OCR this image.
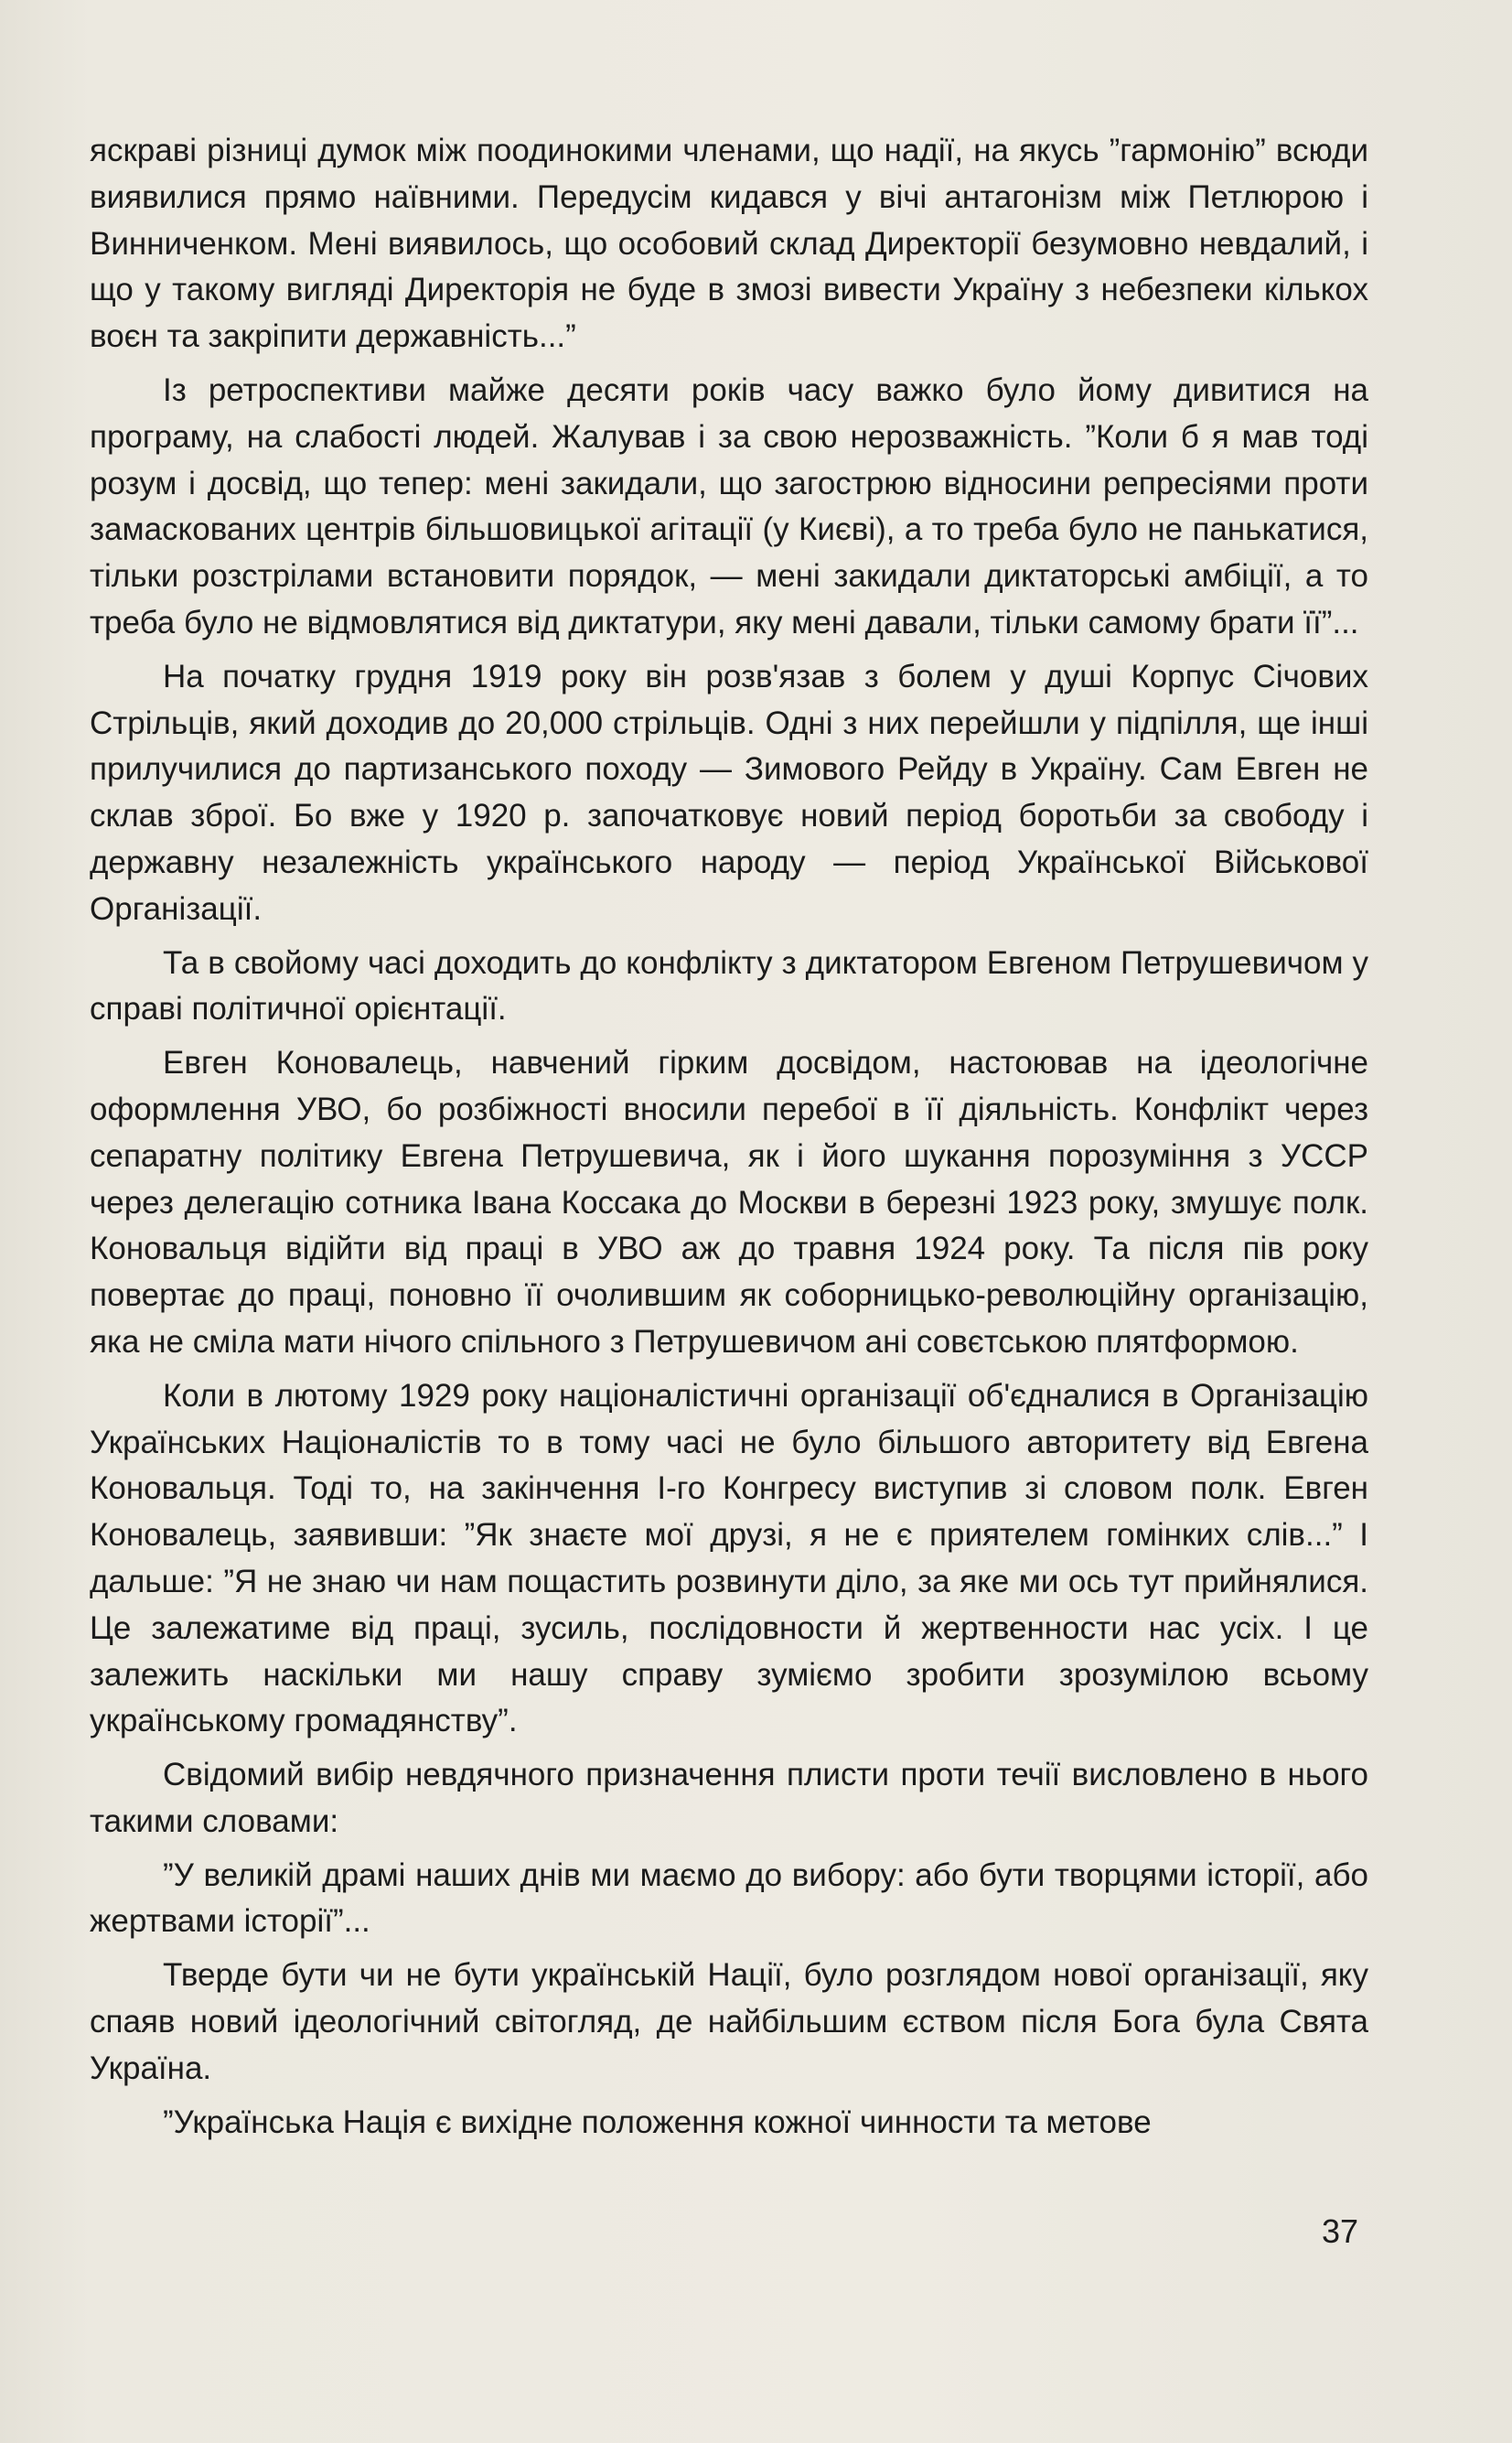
яскраві різниці думок між поодинокими членами, що надії, на якусь ”гармонію” всюди виявилися прямо наївними. Передусім кидався у вічі антагонізм між Петлюрою і Винниченком. Мені виявилось, що особовий склад Директорії безумовно невдалий, і що у такому вигляді Директорія не буде в змозі вивести Україну з небезпеки кількох воєн та закріпити державність...”

Із ретроспективи майже десяти років часу важко було йому дивитися на програму, на слабості людей. Жалував і за свою нерозважність. ”Коли б я мав тоді розум і досвід, що тепер: мені закидали, що загострюю відносини репресіями проти замаскованих центрів більшовицької агітації (у Києві), а то треба було не панькатися, тільки розстрілами встановити порядок, — мені закидали диктаторські амбіції, а то треба було не відмовлятися від диктатури, яку мені давали, тільки самому брати її”...

На початку грудня 1919 року він розв'язав з болем у душі Корпус Січових Стрільців, який доходив до 20,000 стрільців. Одні з них перейшли у підпілля, ще інші прилучилися до партизанського походу — Зимового Рейду в Україну. Сам Евген не склав зброї. Бо вже у 1920 р. започатковує новий період боротьби за свободу і державну незалежність українського народу — період Української Військової Організації.

Та в свойому часі доходить до конфлікту з диктатором Евгеном Петрушевичом у справі політичної орієнтації.

Евген Коновалець, навчений гірким досвідом, настоював на ідеологічне оформлення УВО, бо розбіжності вносили перебої в її діяльність. Конфлікт через сепаратну політику Евгена Петрушевича, як і його шукання порозуміння з УССР через делегацію сотника Івана Коссака до Москви в березні 1923 року, змушує полк. Коновальця відійти від праці в УВО аж до травня 1924 року. Та після пів року повертає до праці, поновно її очолившим як соборницько-революційну організацію, яка не сміла мати нічого спільного з Петрушевичом ані совєтською плятформою.

Коли в лютому 1929 року націоналістичні організації об'єдналися в Організацію Українських Націоналістів то в тому часі не було більшого авторитету від Евгена Коновальця. Тоді то, на закінчення І-го Конгресу виступив зі словом полк. Евген Коновалець, заявивши: ”Як знаєте мої друзі, я не є приятелем гомінких слів...” І дальше: ”Я не знаю чи нам пощастить розвинути діло, за яке ми ось тут прийнялися. Це залежатиме від праці, зусиль, послідовности й жертвенности нас усіх. І це залежить наскільки ми нашу справу зуміємо зробити зрозумілою всьому українському громадянству”.

Свідомий вибір невдячного призначення плисти проти течії висловлено в нього такими словами:

”У великій драмі наших днів ми маємо до вибору: або бути творцями історії, або жертвами історії”...

Тверде бути чи не бути українській Нації, було розглядом нової організації, яку спаяв новий ідеологічний світогляд, де найбільшим єством після Бога була Свята Україна.

”Українська Нація є вихідне положення кожної чинности та метове

37
